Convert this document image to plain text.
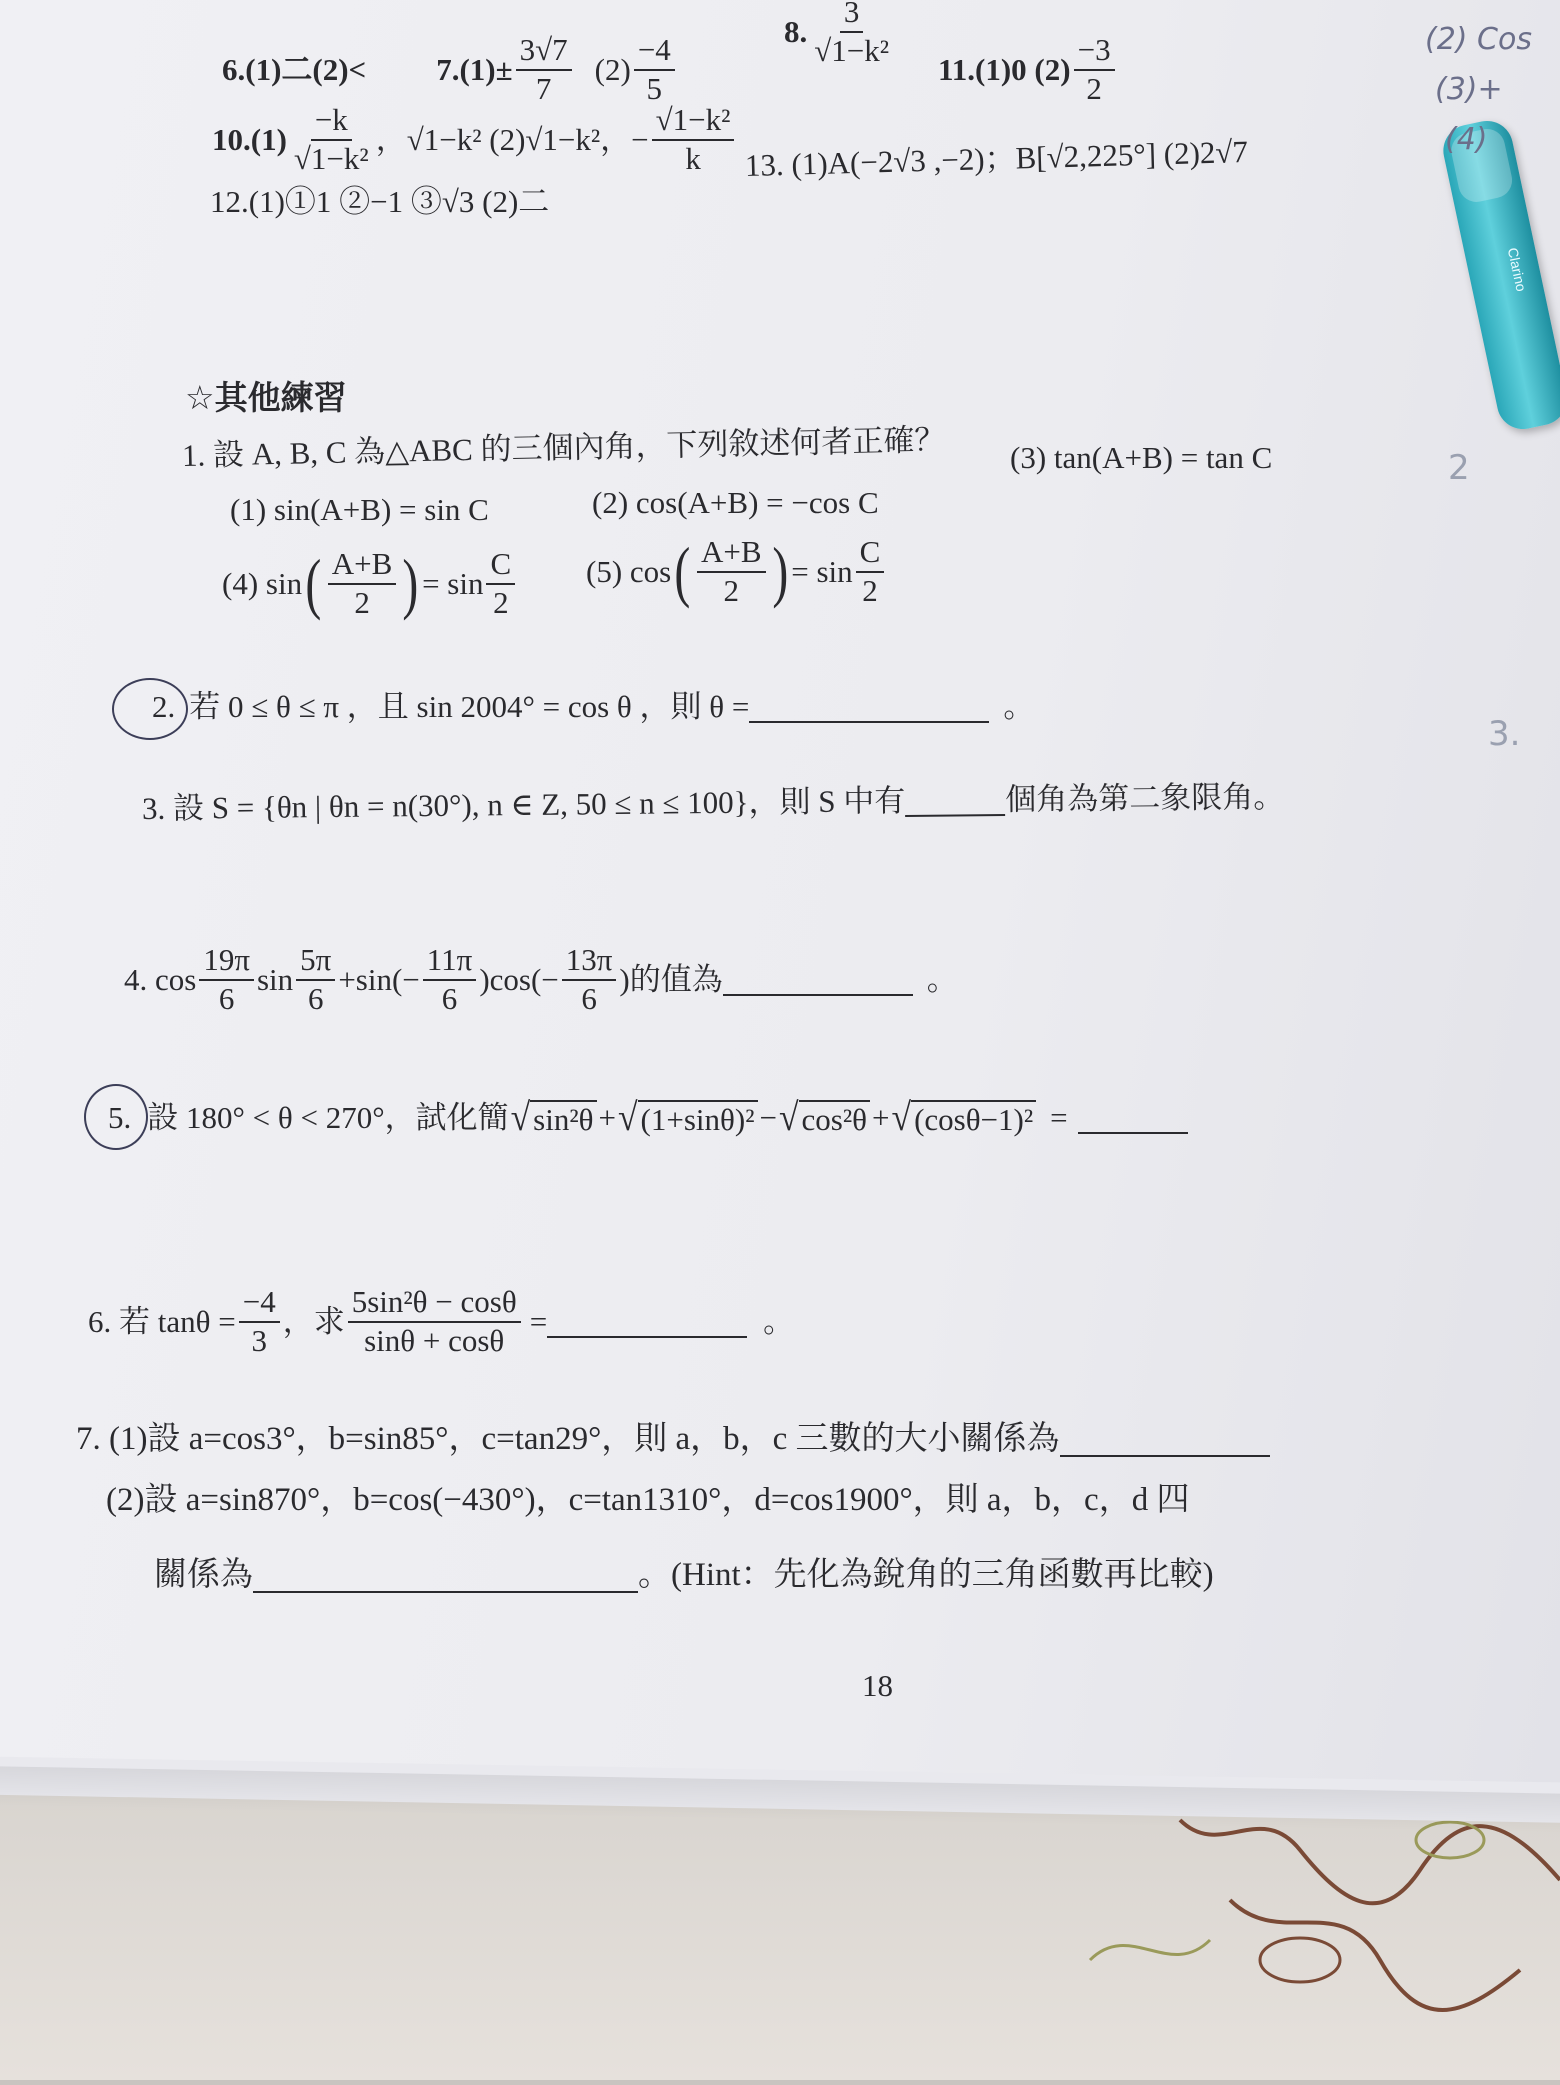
Clarino
(2) Cos
(3)+
(4)
2
3.
6.(1)二$(2)< 7.(1)\pm \frac{3√7}{7} (2) \frac{-4}{5}$
8. $\frac{3}{\text{√1−k²}}$
11.(1)0 $(2) \frac{-3}{2}$
$10.(1) \frac{-k}{\text{√1−k²}}$ ，√1−k² (2)√1−k²，− $\frac{\text{√1−k²}}{k}$
12.(1)①1 ②−1 ③√3 (2)二
13. (1)A(−2√3 ,−2)；B[√2,225°] (2)2√7
☆其他練習
1. 設 A, B, C 為△ABC 的三個內角，下列敘述何者正確？
(1) sin(A+B) = sin C	(2) cos(A+B) = −cos C
(3) tan(A+B) = tan C
(4) sin ( $\frac{A+B}{2}$ ) = $\sin \frac{C}{2} (5)$ cos ( $\frac{A+B}{2}$ ) = $\sin \frac{C}{2}$
2. 若 0 ≤ θ ≤ π ，且 sin 2004° = cos θ ，則 θ =	。
3. 設 S = {θn | θn = n(30°), n ∈ Z, 50 ≤ n ≤ 100}，則 S 中有	個角為第二象限角。
4. $\cos \frac{19\pi}{6}$ $\sin \frac{5\pi}{6} +\sin(- \frac{11\pi}{6} )\cos(- \frac{13\pi}{6}$ )的值為	。
5. 設 180° < θ < 270°，試化簡 √ sin²θ + √ (1+sinθ)² − √ cos²θ + √ (cosθ−1)² =
6. 若 $\tan\theta = \frac{-4}{3}$ ，求 $\frac{\text{5sin²θ − cosθ}}{\sin\theta + \cos\theta}$ =	。
7. (1)設 a=cos3°，b=sin85°，c=tan29°，則 a，b，c 三數的大小關係為
(2)設 a=sin870°，b=cos(−430°)，c=tan1310°，d=cos1900°，則 a，b，c，d 四
關係為	。(Hint：先化為銳角的三角函數再比較)
18
